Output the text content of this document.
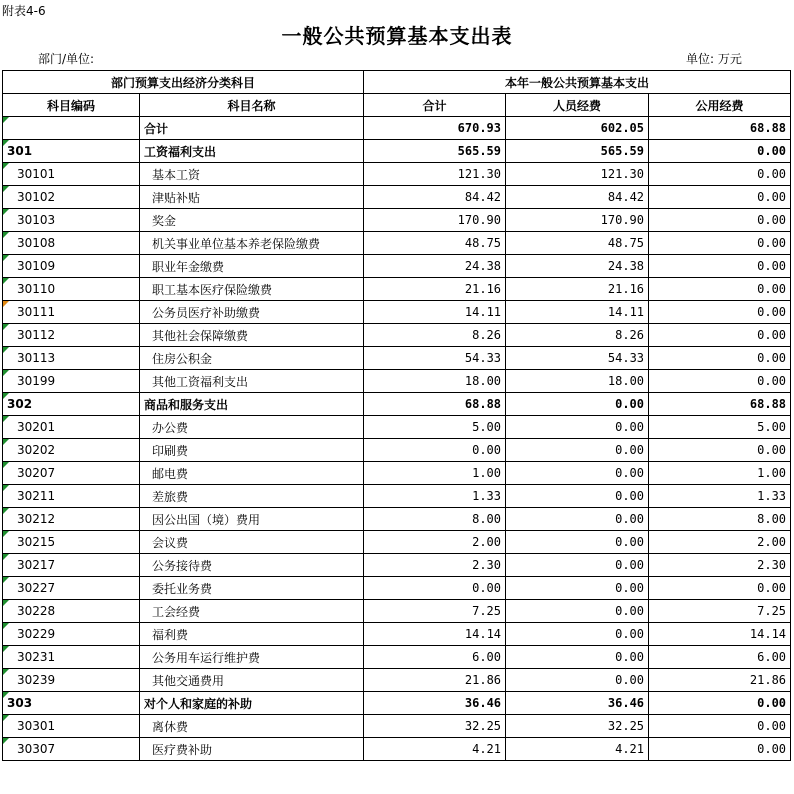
附表4-6
一般公共预算基本支出表
部门/单位:	单位: 万元
部门预算支出经济分类科目		本年一般公共预算基本支出		
科目编码	科目名称	合计	人员经费	公用经费
	合计	670.93	602.05	68.88
301	工资福利支出	565.59	565.59	0.00
30101	基本工资	121.30	121.30	0.00
30102	津贴补贴	84.42	84.42	0.00
30103	奖金	170.90	170.90	0.00
30108	机关事业单位基本养老保险缴费	48.75	48.75	0.00
30109	职业年金缴费	24.38	24.38	0.00
30110	职工基本医疗保险缴费	21.16	21.16	0.00
30111	公务员医疗补助缴费	14.11	14.11	0.00
30112	其他社会保障缴费	8.26	8.26	0.00
30113	住房公积金	54.33	54.33	0.00
30199	其他工资福利支出	18.00	18.00	0.00
302	商品和服务支出	68.88	0.00	68.88
30201	办公费	5.00	0.00	5.00
30202	印刷费	0.00	0.00	0.00
30207	邮电费	1.00	0.00	1.00
30211	差旅费	1.33	0.00	1.33
30212	因公出国（境）费用	8.00	0.00	8.00
30215	会议费	2.00	0.00	2.00
30217	公务接待费	2.30	0.00	2.30
30227	委托业务费	0.00	0.00	0.00
30228	工会经费	7.25	0.00	7.25
30229	福利费	14.14	0.00	14.14
30231	公务用车运行维护费	6.00	0.00	6.00
30239	其他交通费用	21.86	0.00	21.86
303	对个人和家庭的补助	36.46	36.46	0.00
30301	离休费	32.25	32.25	0.00
30307	医疗费补助	4.21	4.21	0.00
